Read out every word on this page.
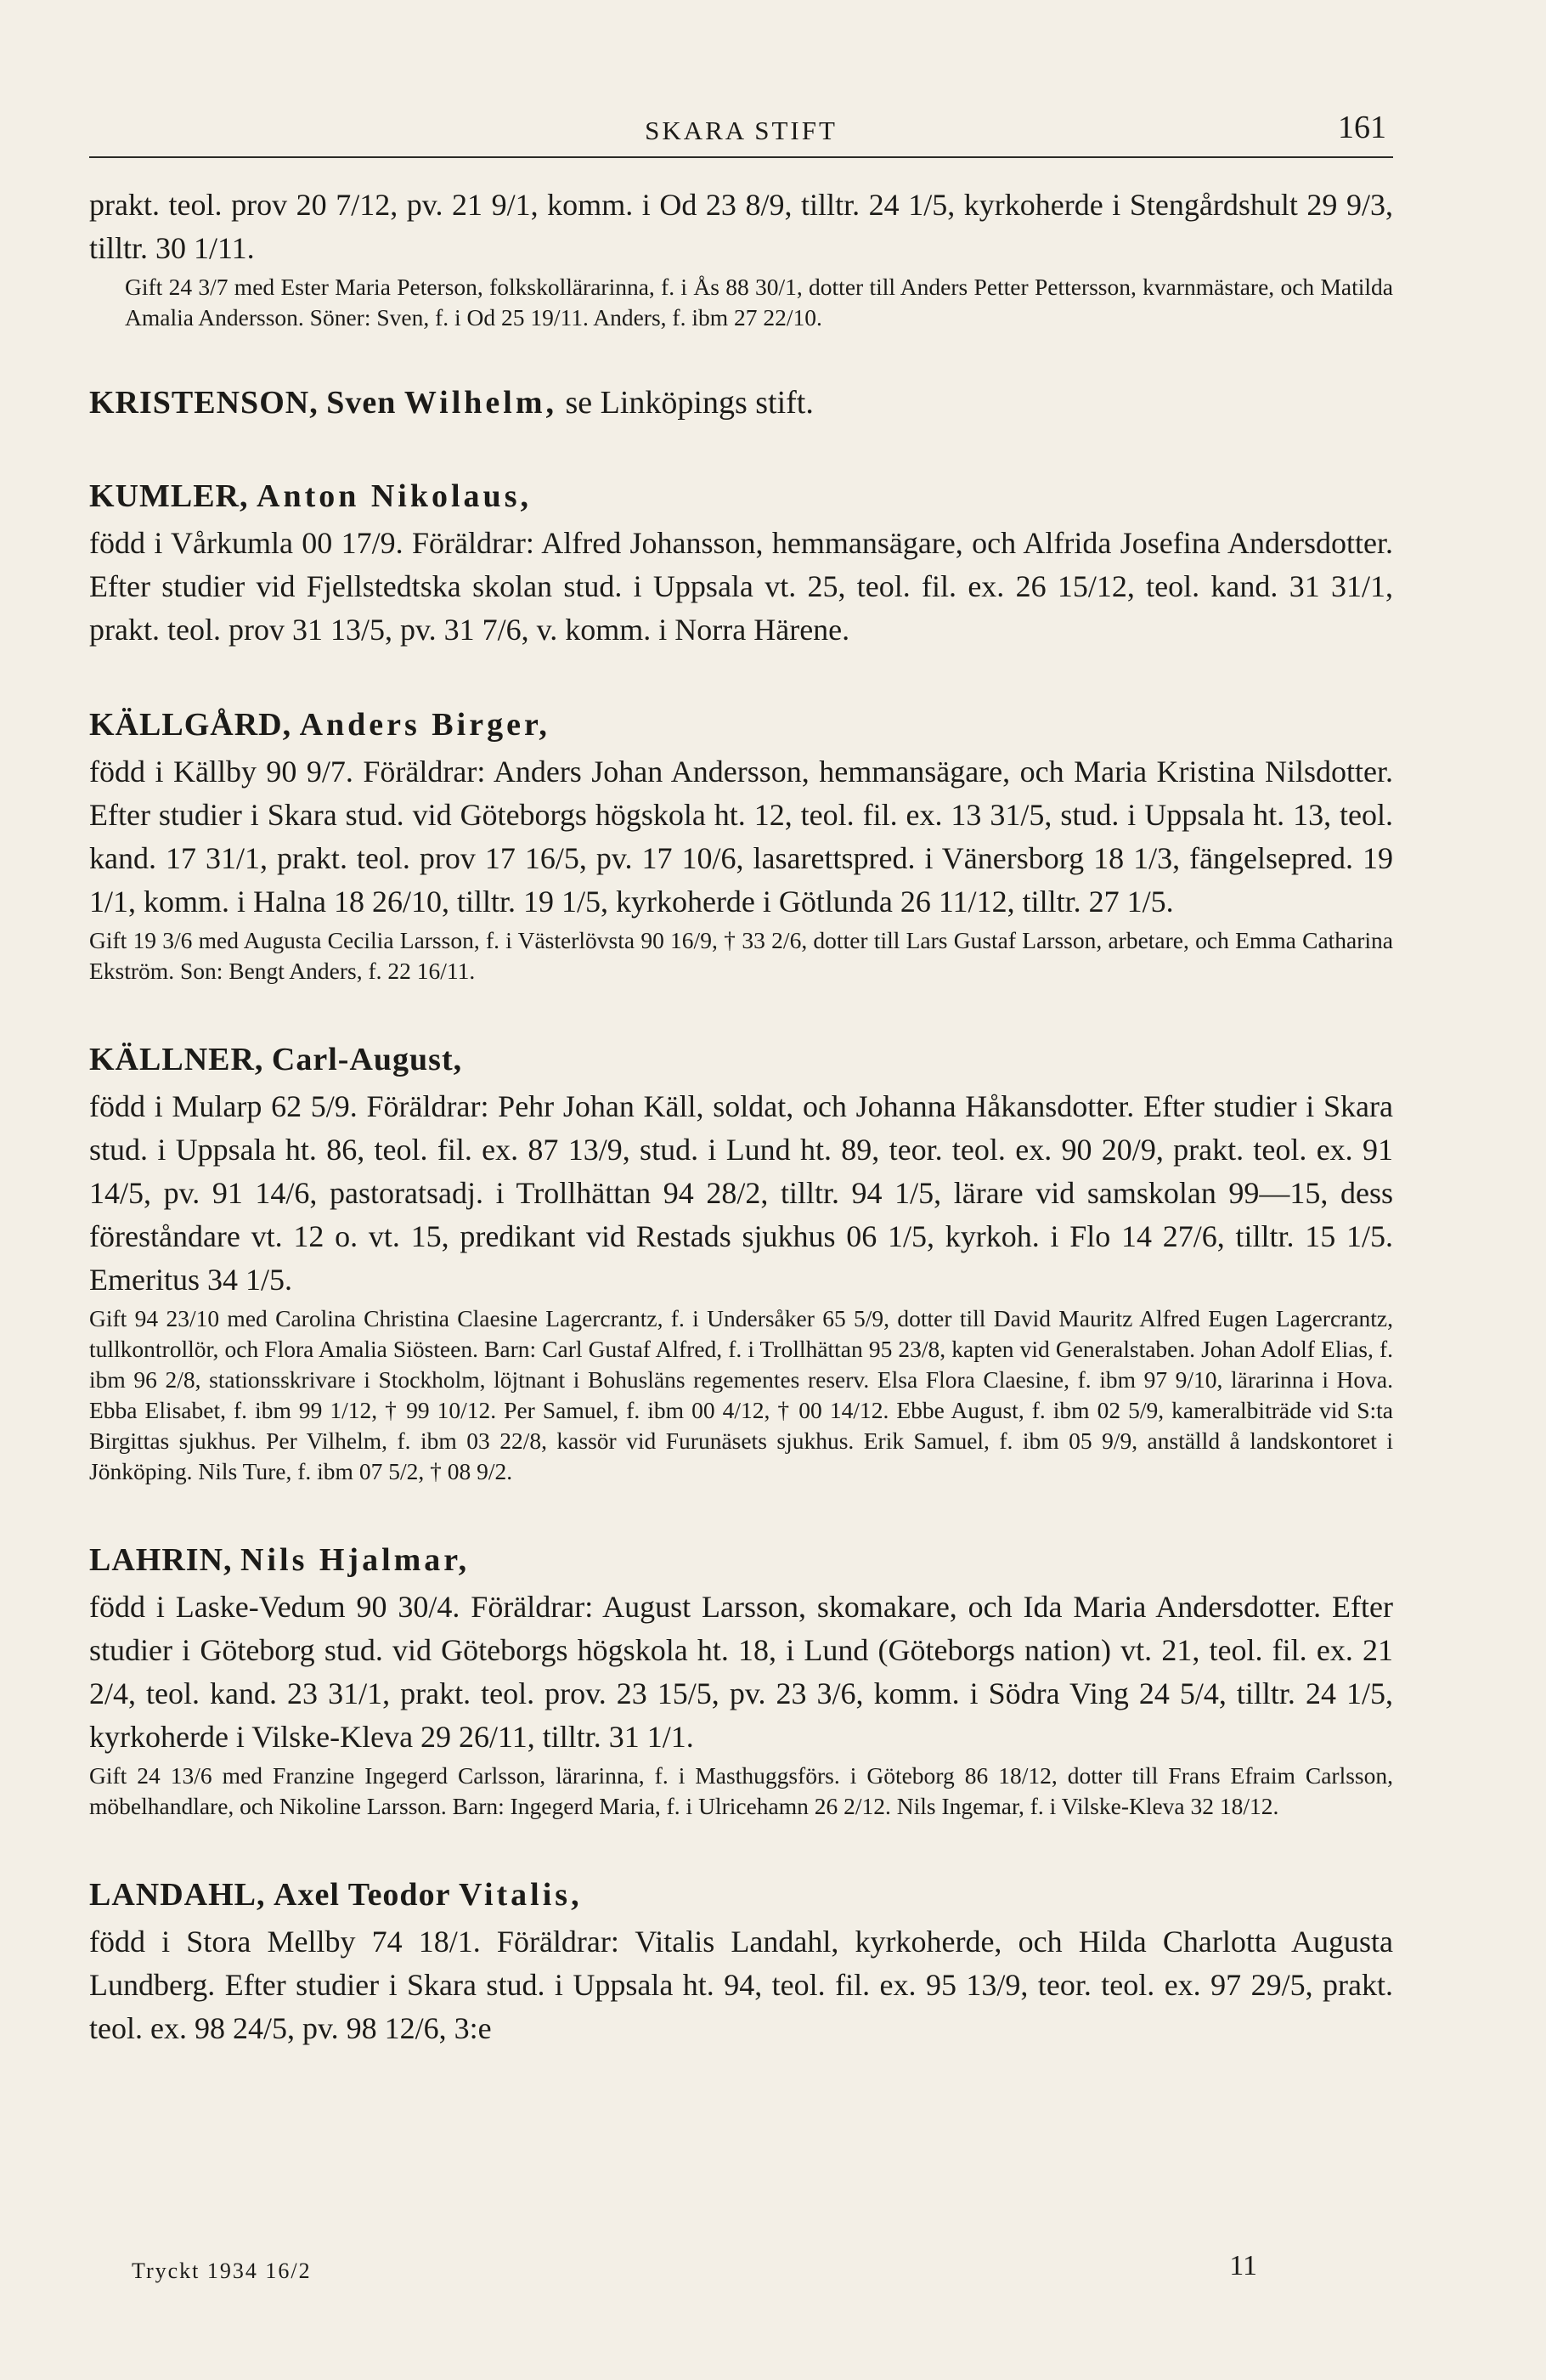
SKARA STIFT	161

prakt. teol. prov 20 7/12, pv. 21 9/1, komm. i Od 23 8/9, tilltr. 24 1/5, kyrkoherde i Stengårdshult 29 9/3, tilltr. 30 1/11.

Gift 24 3/7 med Ester Maria Peterson, folkskollärarinna, f. i Ås 88 30/1, dotter till Anders Petter Pettersson, kvarnmästare, och Matilda Amalia Andersson. Söner: Sven, f. i Od 25 19/11. Anders, f. ibm 27 22/10.

KRISTENSON, Sven Wilhelm, se Linköpings stift.
KUMLER, Anton Nikolaus,

född i Vårkumla 00 17/9. Föräldrar: Alfred Johansson, hemmansägare, och Alfrida Josefina Andersdotter. Efter studier vid Fjellstedtska skolan stud. i Uppsala vt. 25, teol. fil. ex. 26 15/12, teol. kand. 31 31/1, prakt. teol. prov 31 13/5, pv. 31 7/6, v. komm. i Norra Härene.

KÄLLGÅRD, Anders Birger,

född i Källby 90 9/7. Föräldrar: Anders Johan Andersson, hemmansägare, och Maria Kristina Nilsdotter. Efter studier i Skara stud. vid Göteborgs högskola ht. 12, teol. fil. ex. 13 31/5, stud. i Uppsala ht. 13, teol. kand. 17 31/1, prakt. teol. prov 17 16/5, pv. 17 10/6, lasarettspred. i Vänersborg 18 1/3, fängelsepred. 19 1/1, komm. i Halna 18 26/10, tilltr. 19 1/5, kyrkoherde i Götlunda 26 11/12, tilltr. 27 1/5.

Gift 19 3/6 med Augusta Cecilia Larsson, f. i Västerlövsta 90 16/9, † 33 2/6, dotter till Lars Gustaf Larsson, arbetare, och Emma Catharina Ekström. Son: Bengt Anders, f. 22 16/11.

KÄLLNER, Carl-August,

född i Mularp 62 5/9. Föräldrar: Pehr Johan Käll, soldat, och Johanna Håkansdotter. Efter studier i Skara stud. i Uppsala ht. 86, teol. fil. ex. 87 13/9, stud. i Lund ht. 89, teor. teol. ex. 90 20/9, prakt. teol. ex. 91 14/5, pv. 91 14/6, pastoratsadj. i Trollhättan 94 28/2, tilltr. 94 1/5, lärare vid samskolan 99—15, dess föreståndare vt. 12 o. vt. 15, predikant vid Restads sjukhus 06 1/5, kyrkoh. i Flo 14 27/6, tilltr. 15 1/5. Emeritus 34 1/5.

Gift 94 23/10 med Carolina Christina Claesine Lagercrantz, f. i Undersåker 65 5/9, dotter till David Mauritz Alfred Eugen Lagercrantz, tullkontrollör, och Flora Amalia Siösteen. Barn: Carl Gustaf Alfred, f. i Trollhättan 95 23/8, kapten vid Generalstaben. Johan Adolf Elias, f. ibm 96 2/8, stationsskrivare i Stockholm, löjtnant i Bohusläns regementes reserv. Elsa Flora Claesine, f. ibm 97 9/10, lärarinna i Hova. Ebba Elisabet, f. ibm 99 1/12, † 99 10/12. Per Samuel, f. ibm 00 4/12, † 00 14/12. Ebbe August, f. ibm 02 5/9, kameralbiträde vid S:ta Birgittas sjukhus. Per Vilhelm, f. ibm 03 22/8, kassör vid Furunäsets sjukhus. Erik Samuel, f. ibm 05 9/9, anställd å landskontoret i Jönköping. Nils Ture, f. ibm 07 5/2, † 08 9/2.

LAHRIN, Nils Hjalmar,

född i Laske-Vedum 90 30/4. Föräldrar: August Larsson, skomakare, och Ida Maria Andersdotter. Efter studier i Göteborg stud. vid Göteborgs högskola ht. 18, i Lund (Göteborgs nation) vt. 21, teol. fil. ex. 21 2/4, teol. kand. 23 31/1, prakt. teol. prov. 23 15/5, pv. 23 3/6, komm. i Södra Ving 24 5/4, tilltr. 24 1/5, kyrkoherde i Vilske-Kleva 29 26/11, tilltr. 31 1/1.

Gift 24 13/6 med Franzine Ingegerd Carlsson, lärarinna, f. i Masthuggsförs. i Göteborg 86 18/12, dotter till Frans Efraim Carlsson, möbelhandlare, och Nikoline Larsson. Barn: Ingegerd Maria, f. i Ulricehamn 26 2/12. Nils Ingemar, f. i Vilske-Kleva 32 18/12.

LANDAHL, Axel Teodor Vitalis,

född i Stora Mellby 74 18/1. Föräldrar: Vitalis Landahl, kyrkoherde, och Hilda Charlotta Augusta Lundberg. Efter studier i Skara stud. i Uppsala ht. 94, teol. fil. ex. 95 13/9, teor. teol. ex. 97 29/5, prakt. teol. ex. 98 24/5, pv. 98 12/6, 3:e

Tryckt 1934 16/2	11
